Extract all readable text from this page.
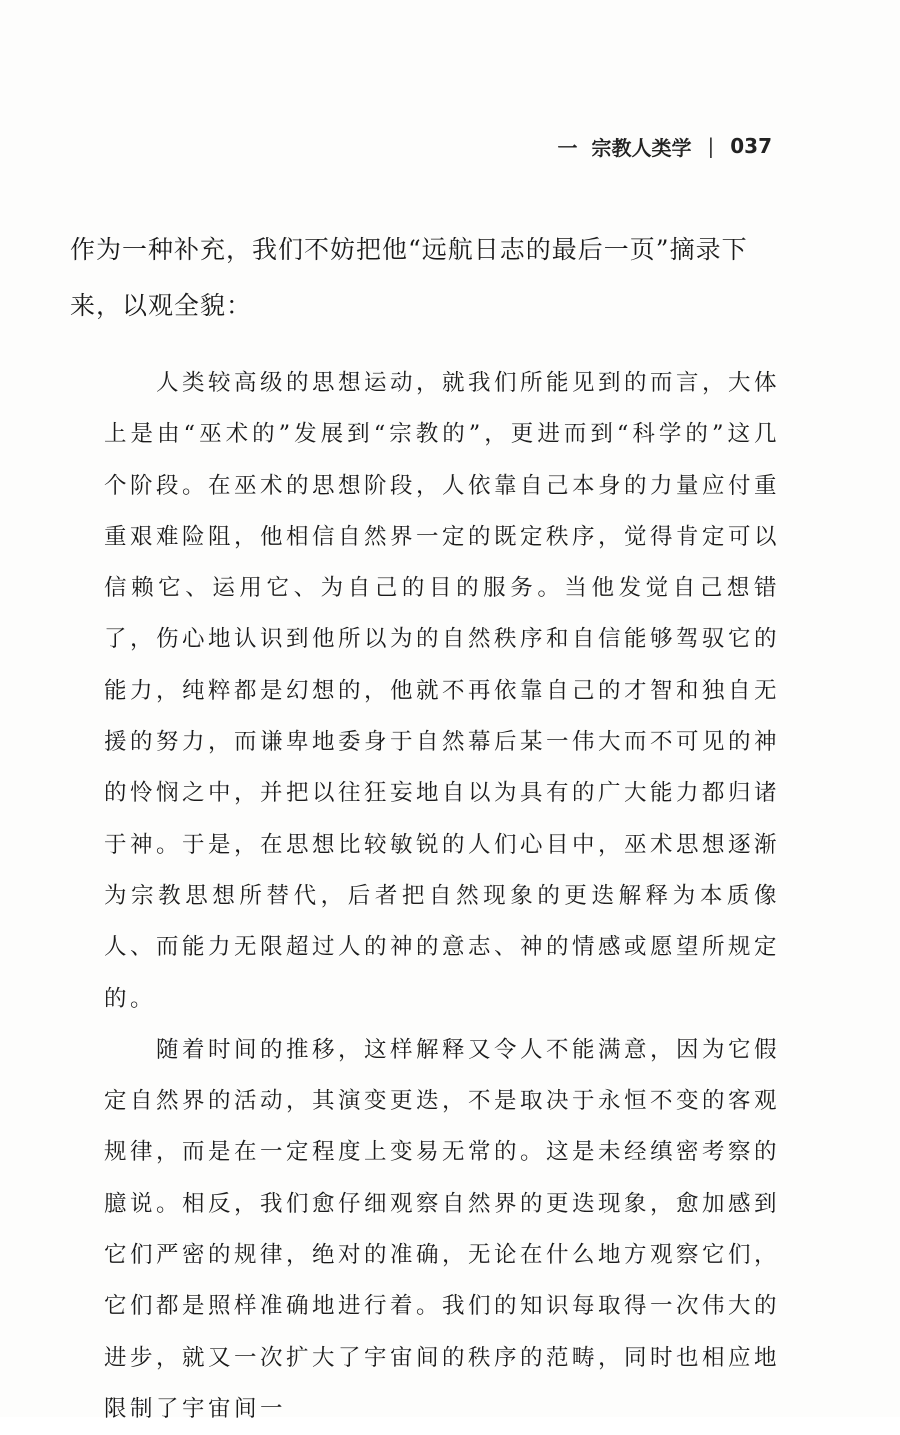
一 宗教人类学 | 037

作为一种补充，我们不妨把他“远航日志的最后一页”摘录下来，以观全貌：

人类较高级的思想运动，就我们所能见到的而言，大体上是由“巫术的”发展到“宗教的”，更进而到“科学的”这几个阶段。在巫术的思想阶段，人依靠自己本身的力量应付重重艰难险阻，他相信自然界一定的既定秩序，觉得肯定可以信赖它、运用它、为自己的目的服务。当他发觉自己想错了，伤心地认识到他所以为的自然秩序和自信能够驾驭它的能力，纯粹都是幻想的，他就不再依靠自己的才智和独自无援的努力，而谦卑地委身于自然幕后某一伟大而不可见的神的怜悯之中，并把以往狂妄地自以为具有的广大能力都归诸于神。于是，在思想比较敏锐的人们心目中，巫术思想逐渐为宗教思想所替代，后者把自然现象的更迭解释为本质像人、而能力无限超过人的神的意志、神的情感或愿望所规定的。

随着时间的推移，这样解释又令人不能满意，因为它假定自然界的活动，其演变更迭，不是取决于永恒不变的客观规律，而是在一定程度上变易无常的。这是未经缜密考察的臆说。相反，我们愈仔细观察自然界的更迭现象，愈加感到它们严密的规律，绝对的准确，无论在什么地方观察它们，它们都是照样准确地进行着。我们的知识每取得一次伟大的进步，就又一次扩大了宇宙间的秩序的范畴，同时也相应地限制了宇宙间一
